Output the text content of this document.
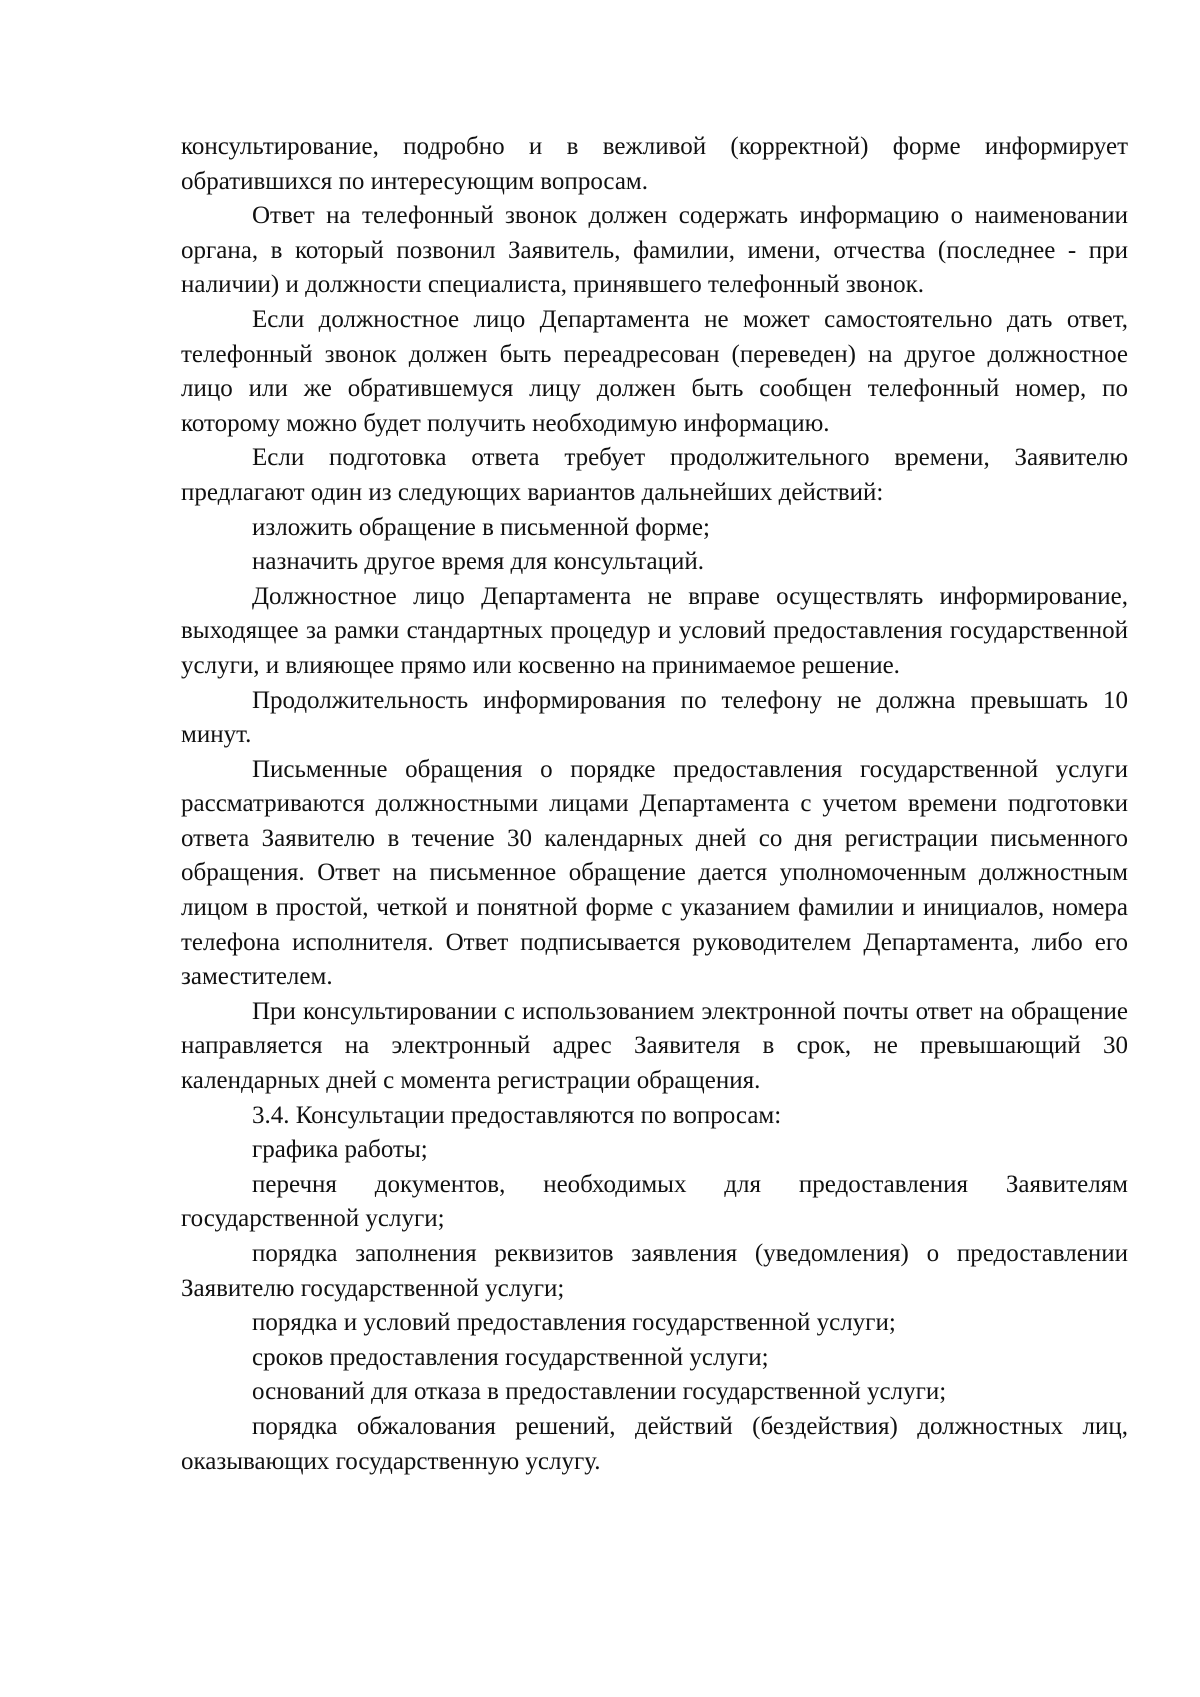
консультирование, подробно и в вежливой (корректной) форме информирует обратившихся по интересующим вопросам.

Ответ на телефонный звонок должен содержать информацию о наименовании органа, в который позвонил Заявитель, фамилии, имени, отчества (последнее - при наличии) и должности специалиста, принявшего телефонный звонок.

Если должностное лицо Департамента не может самостоятельно дать ответ, телефонный звонок должен быть переадресован (переведен) на другое должностное лицо или же обратившемуся лицу должен быть сообщен телефонный номер, по которому можно будет получить необходимую информацию.

Если подготовка ответа требует продолжительного времени, Заявителю предлагают один из следующих вариантов дальнейших действий:

изложить обращение в письменной форме;

назначить другое время для консультаций.

Должностное лицо Департамента не вправе осуществлять информирование, выходящее за рамки стандартных процедур и условий предоставления государственной услуги, и влияющее прямо или косвенно на принимаемое решение.

Продолжительность информирования по телефону не должна превышать 10 минут.

Письменные обращения о порядке предоставления государственной услуги рассматриваются должностными лицами Департамента с учетом времени подготовки ответа Заявителю в течение 30 календарных дней со дня регистрации письменного обращения. Ответ на письменное обращение дается уполномоченным должностным лицом в простой, четкой и понятной форме с указанием фамилии и инициалов, номера телефона исполнителя. Ответ подписывается руководителем Департамента, либо его заместителем.

При консультировании с использованием электронной почты ответ на обращение направляется на электронный адрес Заявителя в срок, не превышающий 30 календарных дней с момента регистрации обращения.

3.4. Консультации предоставляются по вопросам:

графика работы;

перечня документов, необходимых для предоставления Заявителям государственной услуги;

порядка заполнения реквизитов заявления (уведомления) о предоставлении Заявителю государственной услуги;

порядка и условий предоставления государственной услуги;

сроков предоставления государственной услуги;

оснований для отказа в предоставлении государственной услуги;

порядка обжалования решений, действий (бездействия) должностных лиц, оказывающих государственную услугу.
